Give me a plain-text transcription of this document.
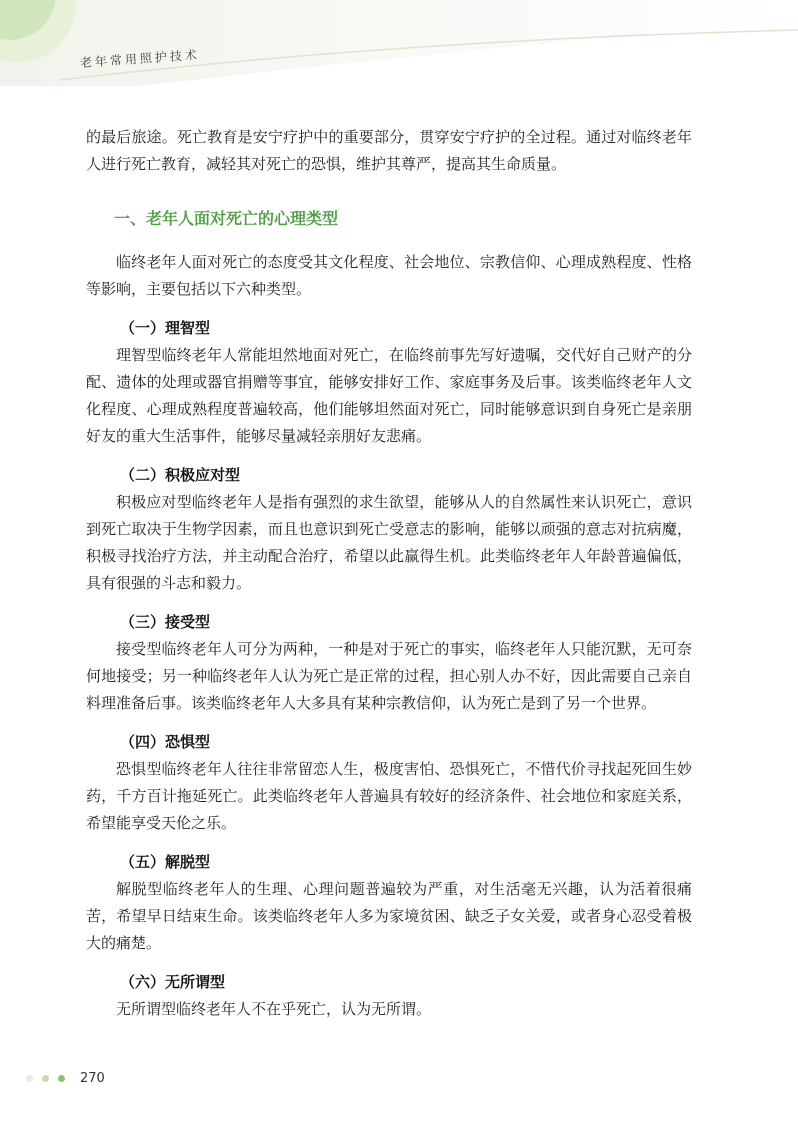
老年常用照护技术

的最后旅途。死亡教育是安宁疗护中的重要部分，贯穿安宁疗护的全过程。通过对临终老年人进行死亡教育，减轻其对死亡的恐惧，维护其尊严，提高其生命质量。

一、老年人面对死亡的心理类型

临终老年人面对死亡的态度受其文化程度、社会地位、宗教信仰、心理成熟程度、性格等影响，主要包括以下六种类型。

（一）理智型

理智型临终老年人常能坦然地面对死亡，在临终前事先写好遗嘱，交代好自己财产的分配、遗体的处理或器官捐赠等事宜，能够安排好工作、家庭事务及后事。该类临终老年人文化程度、心理成熟程度普遍较高，他们能够坦然面对死亡，同时能够意识到自身死亡是亲朋好友的重大生活事件，能够尽量减轻亲朋好友悲痛。

（二）积极应对型

积极应对型临终老年人是指有强烈的求生欲望，能够从人的自然属性来认识死亡，意识到死亡取决于生物学因素，而且也意识到死亡受意志的影响，能够以顽强的意志对抗病魔，积极寻找治疗方法，并主动配合治疗，希望以此赢得生机。此类临终老年人年龄普遍偏低，具有很强的斗志和毅力。

（三）接受型

接受型临终老年人可分为两种，一种是对于死亡的事实，临终老年人只能沉默，无可奈何地接受；另一种临终老年人认为死亡是正常的过程，担心别人办不好，因此需要自己亲自料理准备后事。该类临终老年人大多具有某种宗教信仰，认为死亡是到了另一个世界。

（四）恐惧型

恐惧型临终老年人往往非常留恋人生，极度害怕、恐惧死亡，不惜代价寻找起死回生妙药，千方百计拖延死亡。此类临终老年人普遍具有较好的经济条件、社会地位和家庭关系，希望能享受天伦之乐。

（五）解脱型

解脱型临终老年人的生理、心理问题普遍较为严重，对生活毫无兴趣，认为活着很痛苦，希望早日结束生命。该类临终老年人多为家境贫困、缺乏子女关爱，或者身心忍受着极大的痛楚。

（六）无所谓型

无所谓型临终老年人不在乎死亡，认为无所谓。

270
